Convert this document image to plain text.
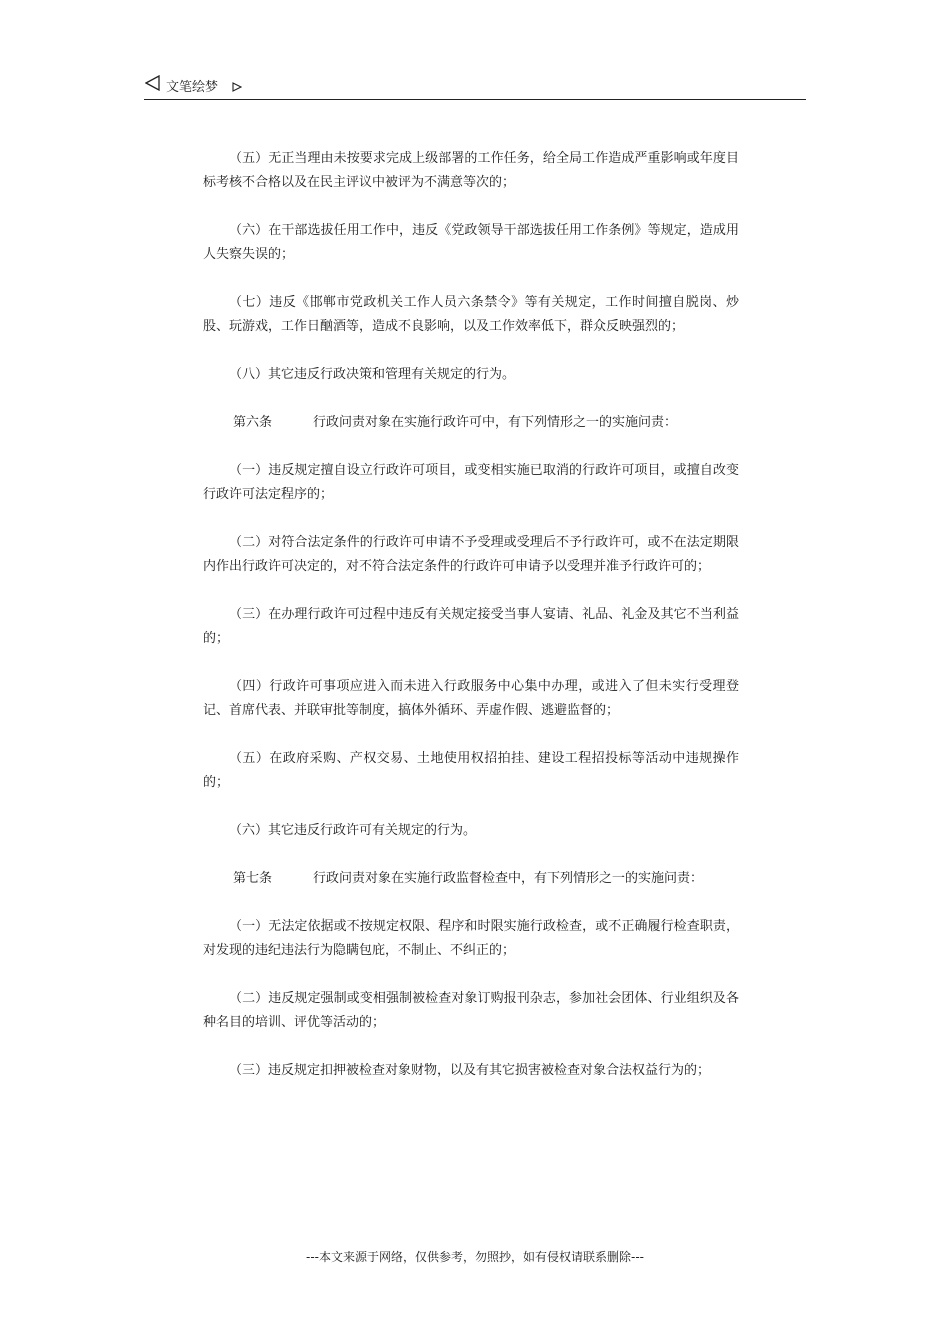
文笔绘梦

（五）无正当理由未按要求完成上级部署的工作任务，给全局工作造成严重影响或年度目标考核不合格以及在民主评议中被评为不满意等次的；

（六）在干部选拔任用工作中，违反《党政领导干部选拔任用工作条例》等规定，造成用人失察失误的；

（七）违反《邯郸市党政机关工作人员六条禁令》等有关规定，工作时间擅自脱岗、炒股、玩游戏，工作日酗酒等，造成不良影响，以及工作效率低下，群众反映强烈的；

（八）其它违反行政决策和管理有关规定的行为。

第六条	行政问责对象在实施行政许可中，有下列情形之一的实施问责：

（一）违反规定擅自设立行政许可项目，或变相实施已取消的行政许可项目，或擅自改变行政许可法定程序的；

（二）对符合法定条件的行政许可申请不予受理或受理后不予行政许可，或不在法定期限内作出行政许可决定的，对不符合法定条件的行政许可申请予以受理并准予行政许可的；

（三）在办理行政许可过程中违反有关规定接受当事人宴请、礼品、礼金及其它不当利益的；

（四）行政许可事项应进入而未进入行政服务中心集中办理，或进入了但未实行受理登记、首席代表、并联审批等制度，搞体外循环、弄虚作假、逃避监督的；

（五）在政府采购、产权交易、土地使用权招拍挂、建设工程招投标等活动中违规操作的；

（六）其它违反行政许可有关规定的行为。

第七条	行政问责对象在实施行政监督检查中，有下列情形之一的实施问责：

（一）无法定依据或不按规定权限、程序和时限实施行政检查，或不正确履行检查职责，对发现的违纪违法行为隐瞒包庇，不制止、不纠正的；

（二）违反规定强制或变相强制被检查对象订购报刊杂志，参加社会团体、行业组织及各种名目的培训、评优等活动的；

（三）违反规定扣押被检查对象财物，以及有其它损害被检查对象合法权益行为的；

---本文来源于网络，仅供参考，勿照抄，如有侵权请联系删除---
